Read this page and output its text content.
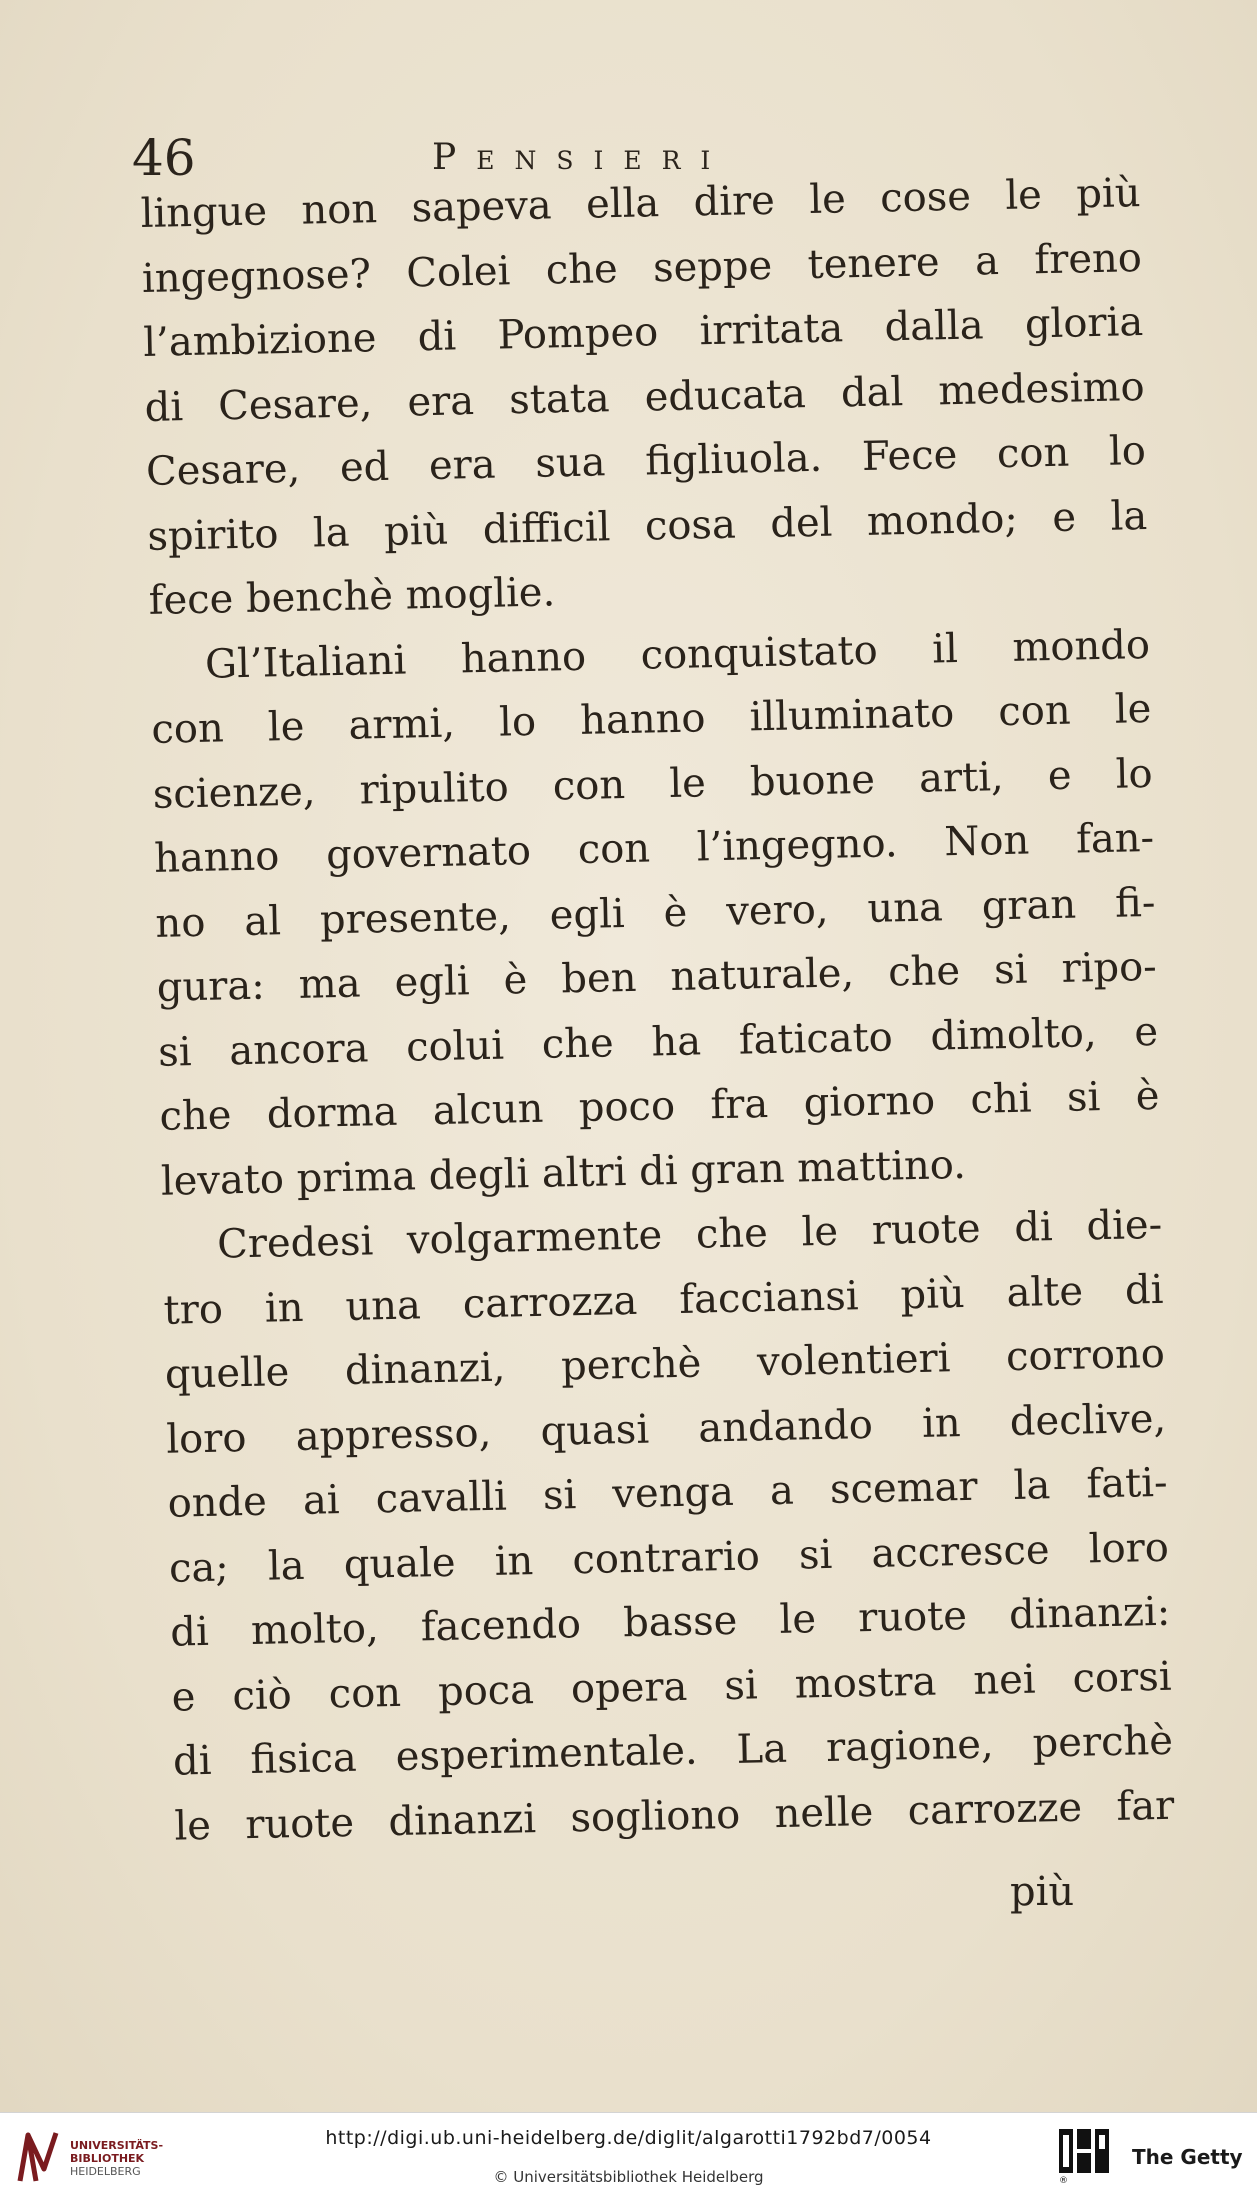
46	Pensieri

lingue non sapeva ella dire le cose le più
ingegnose? Colei che seppe tenere a freno
l’ambizione di Pompeo irritata dalla gloria
di Cesare, era stata educata dal medesimo
Cesare, ed era sua figliuola. Fece con lo
spirito la più difficil cosa del mondo; e la
fece benchè moglie.

Gl’Italiani hanno conquistato il mondo
con le armi, lo hanno illuminato con le
scienze, ripulito con le buone arti, e lo
hanno governato con l’ingegno. Non fan-
no al presente, egli è vero, una gran fi-
gura: ma egli è ben naturale, che si ripo-
si ancora colui che ha faticato dimolto, e
che dorma alcun poco fra giorno chi si è
levato prima degli altri di gran mattino.

Credesi volgarmente che le ruote di die-
tro in una carrozza facciansi più alte di
quelle dinanzi, perchè volentieri corrono
loro appresso, quasi andando in declive,
onde ai cavalli si venga a scemar la fati-
ca; la quale in contrario si accresce loro
di molto, facendo basse le ruote dinanzi:
e ciò con poca opera si mostra nei corsi
di fisica esperimentale. La ragione, perchè
le ruote dinanzi sogliono nelle carrozze far

più
UNIVERSITÄTS-
BIBLIOTHEK
HEIDELBERG
http://digi.ub.uni-heidelberg.de/diglit/algarotti1792bd7/0054
© Universitätsbibliothek Heidelberg	®
The Getty
